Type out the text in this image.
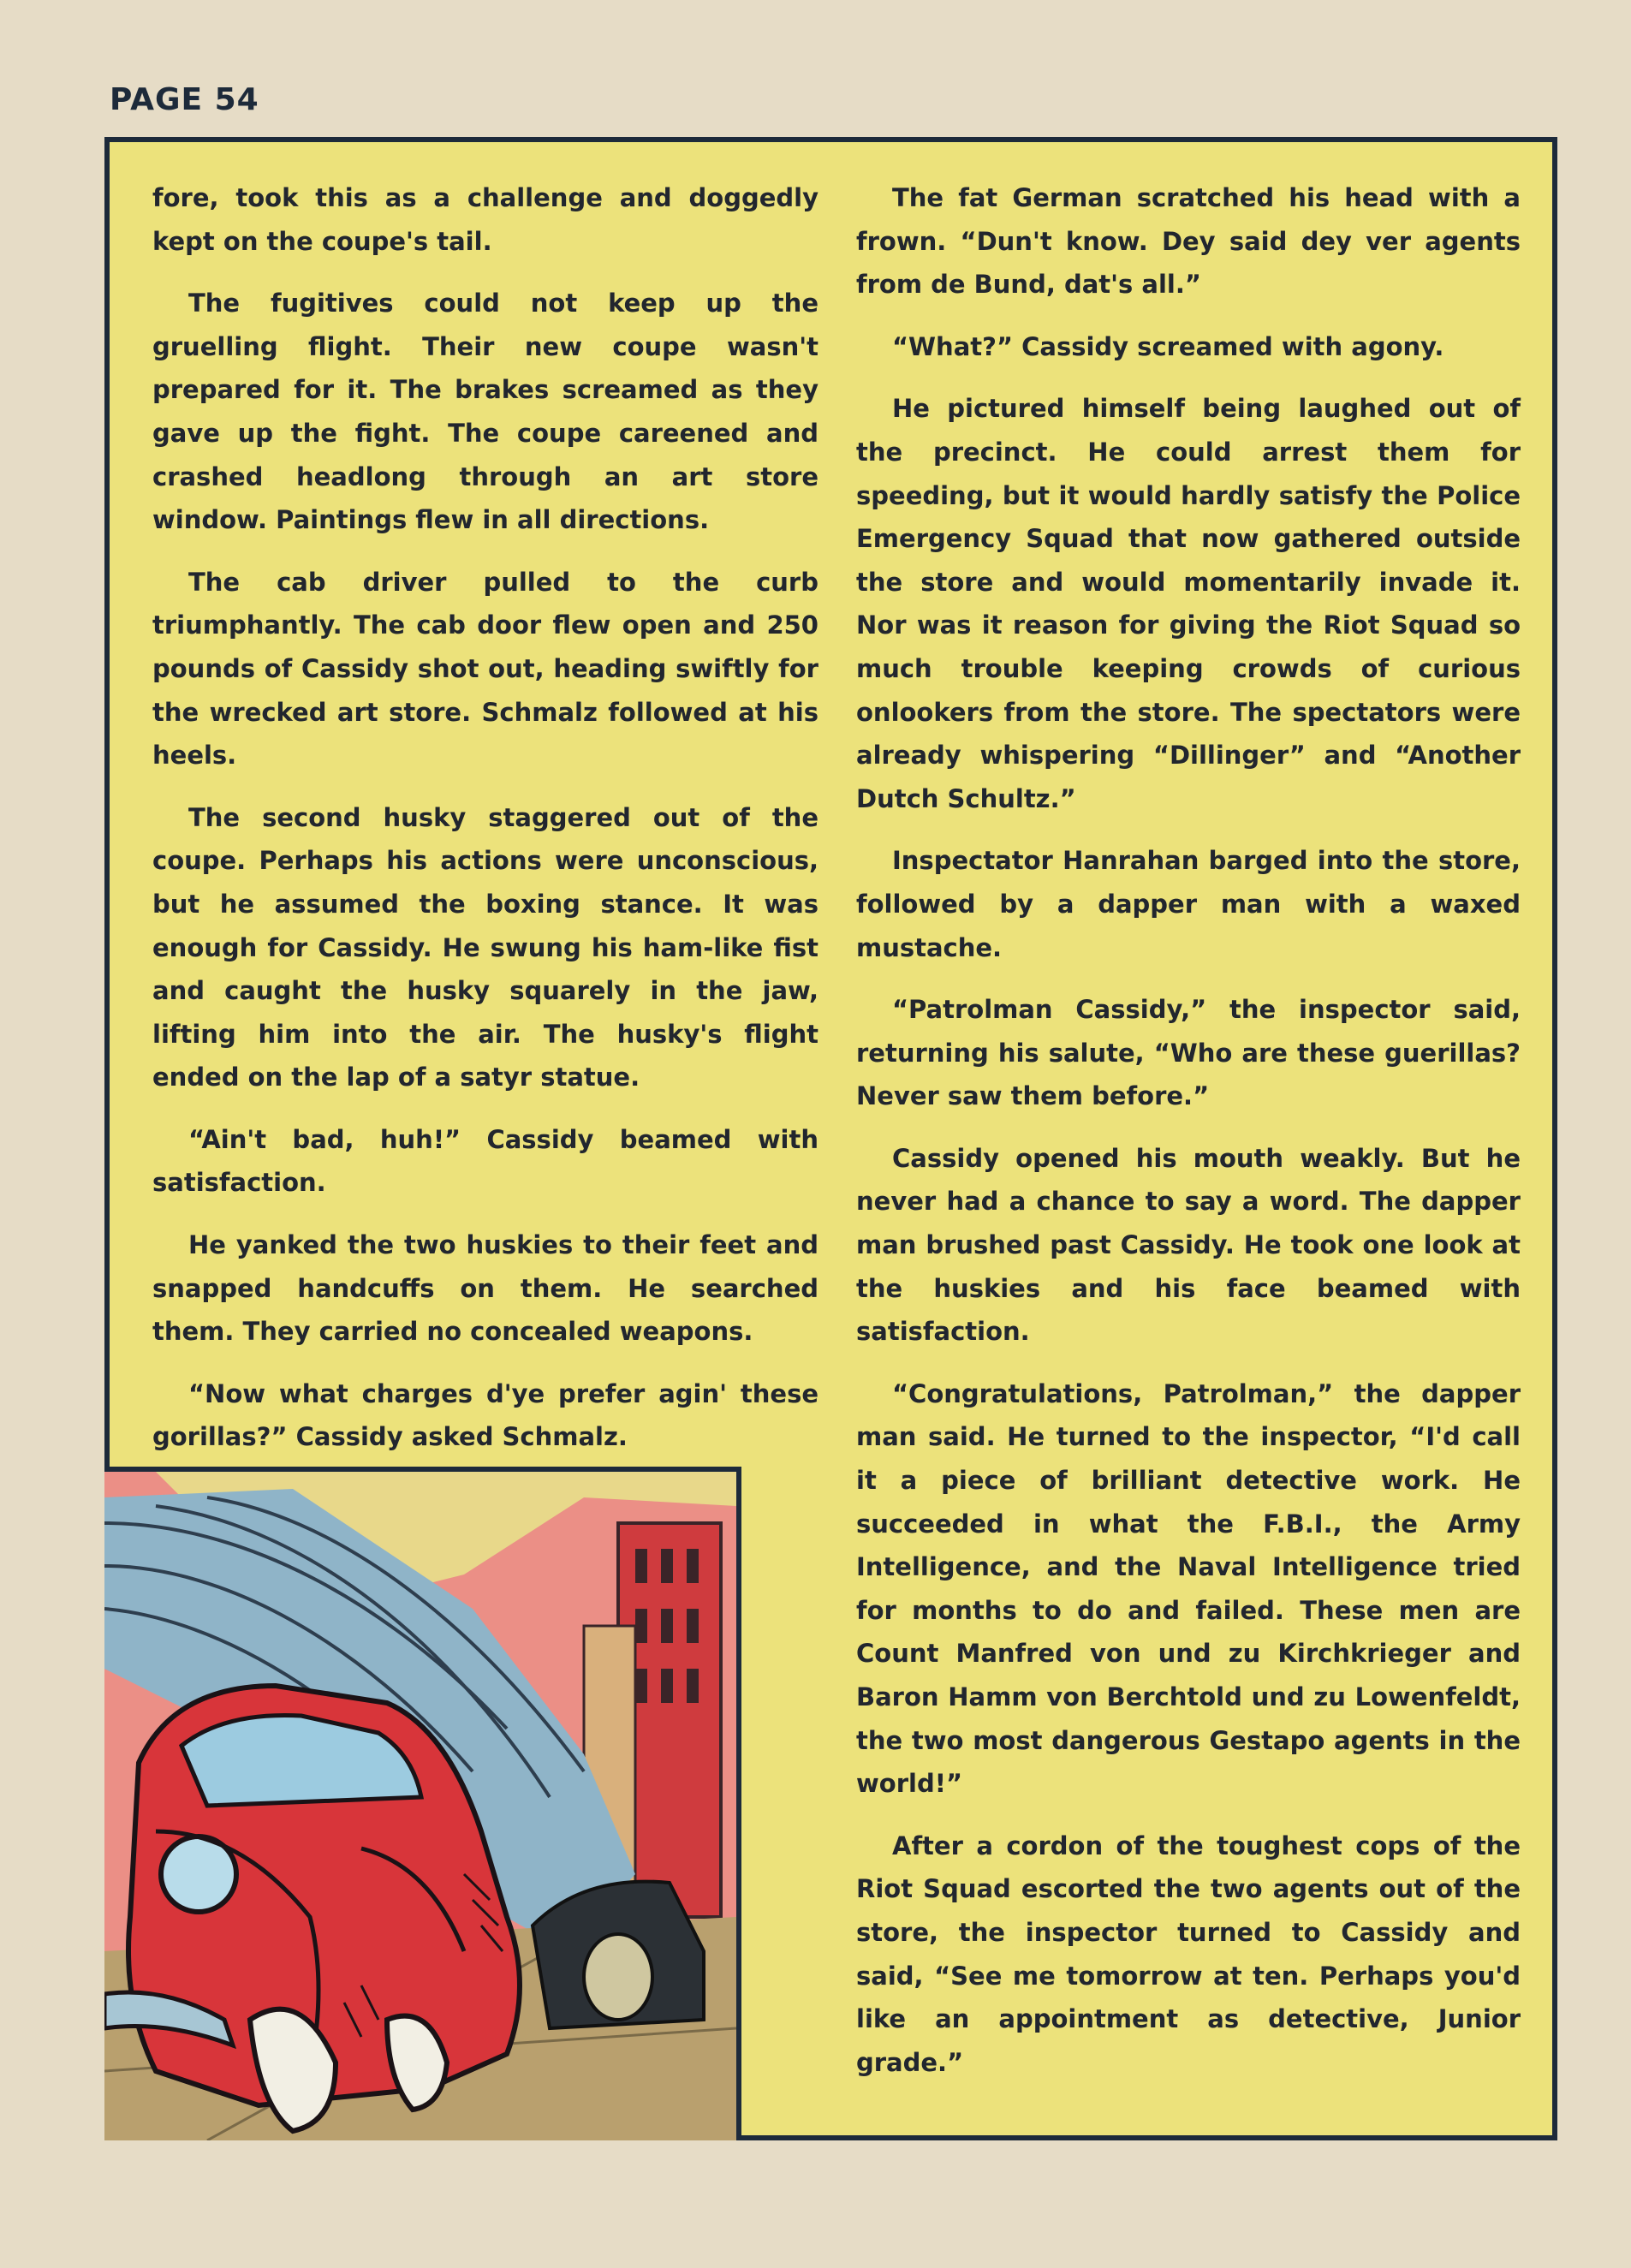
PAGE 54

fore, took this as a challenge and doggedly kept on the coupe's tail.

The fugitives could not keep up the gruelling flight. Their new coupe wasn't prepared for it. The brakes screamed as they gave up the fight. The coupe careened and crashed headlong through an art store window. Paintings flew in all directions.

The cab driver pulled to the curb triumphantly. The cab door flew open and 250 pounds of Cassidy shot out, heading swiftly for the wrecked art store. Schmalz followed at his heels.

The second husky staggered out of the coupe. Perhaps his actions were unconscious, but he assumed the boxing stance. It was enough for Cassidy. He swung his ham-like fist and caught the husky squarely in the jaw, lifting him into the air. The husky's flight ended on the lap of a satyr statue.

“Ain't bad, huh!” Cassidy beamed with satisfaction.

He yanked the two huskies to their feet and snapped handcuffs on them. He searched them. They carried no concealed weapons.

“Now what charges d'ye prefer agin' these gorillas?” Cassidy asked Schmalz.

The fat German scratched his head with a frown. “Dun't know. Dey said dey ver agents from de Bund, dat's all.”

“What?” Cassidy screamed with agony.

He pictured himself being laughed out of the precinct. He could arrest them for speeding, but it would hardly satisfy the Police Emergency Squad that now gathered outside the store and would momentarily invade it. Nor was it reason for giving the Riot Squad so much trouble keeping crowds of curious onlookers from the store. The spectators were already whispering “Dillinger” and “Another Dutch Schultz.”

Inspectator Hanrahan barged into the store, followed by a dapper man with a waxed mustache.

“Patrolman Cassidy,” the inspector said, returning his salute, “Who are these guerillas? Never saw them before.”

Cassidy opened his mouth weakly. But he never had a chance to say a word. The dapper man brushed past Cassidy. He took one look at the huskies and his face beamed with satisfaction.

“Congratulations, Patrolman,” the dapper man said. He turned to the inspector, “I'd call it a piece of brilliant detective work. He succeeded in what the F.B.I., the Army Intelligence, and the Naval Intelligence tried for months to do and failed. These men are Count Manfred von und zu Kirchkrieger and Baron Hamm von Berchtold und zu Lowenfeldt, the two most dangerous Gestapo agents in the world!”

After a cordon of the toughest cops of the Riot Squad escorted the two agents out of the store, the inspector turned to Cassidy and said, “See me tomorrow at ten. Perhaps you'd like an appointment as detective, Junior grade.”
